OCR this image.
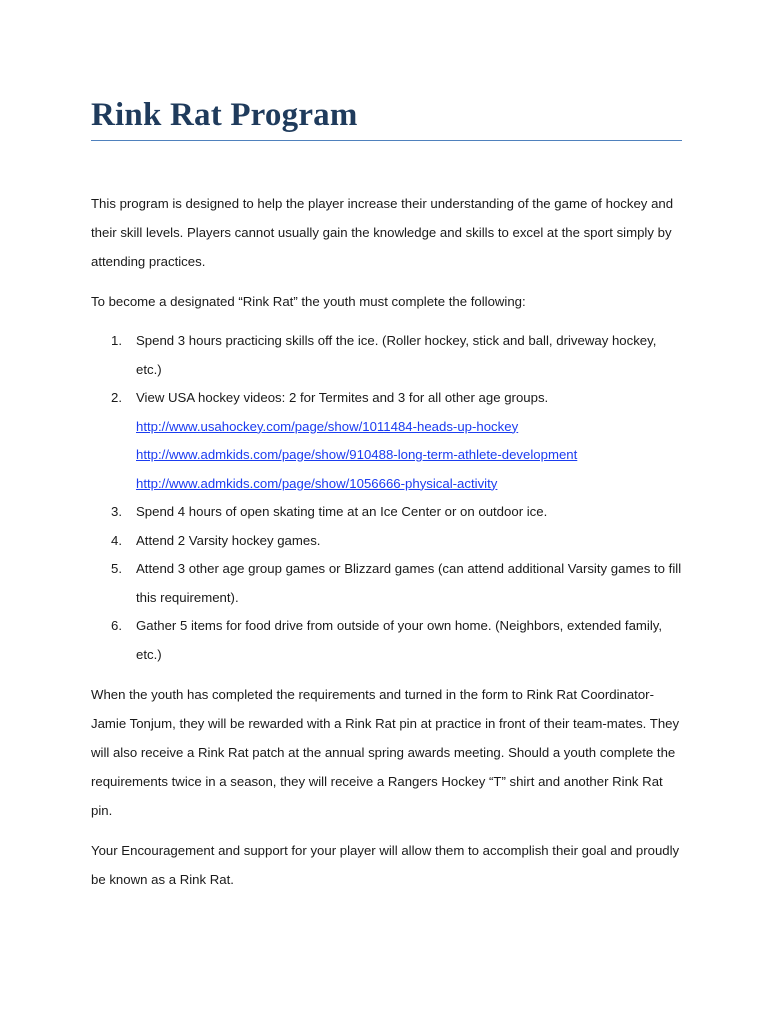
Rink Rat Program

This program is designed to help the player increase their understanding of the game of hockey and their skill levels. Players cannot usually gain the knowledge and skills to excel at the sport simply by attending practices.

To become a designated “Rink Rat” the youth must complete the following:

1. Spend 3 hours practicing skills off the ice. (Roller hockey, stick and ball, driveway hockey, etc.)
2. View USA hockey videos: 2 for Termites and 3 for all other age groups.
http://www.usahockey.com/page/show/1011484-heads-up-hockey
http://www.admkids.com/page/show/910488-long-term-athlete-development
http://www.admkids.com/page/show/1056666-physical-activity
3. Spend 4 hours of open skating time at an Ice Center or on outdoor ice.
4. Attend 2 Varsity hockey games.
5. Attend 3 other age group games or Blizzard games (can attend additional Varsity games to fill this requirement).
6. Gather 5 items for food drive from outside of your own home. (Neighbors, extended family, etc.)

When the youth has completed the requirements and turned in the form to Rink Rat Coordinator-Jamie Tonjum, they will be rewarded with a Rink Rat pin at practice in front of their team-mates. They will also receive a Rink Rat patch at the annual spring awards meeting. Should a youth complete the requirements twice in a season, they will receive a Rangers Hockey “T” shirt and another Rink Rat pin.

Your Encouragement and support for your player will allow them to accomplish their goal and proudly be known as a Rink Rat.
